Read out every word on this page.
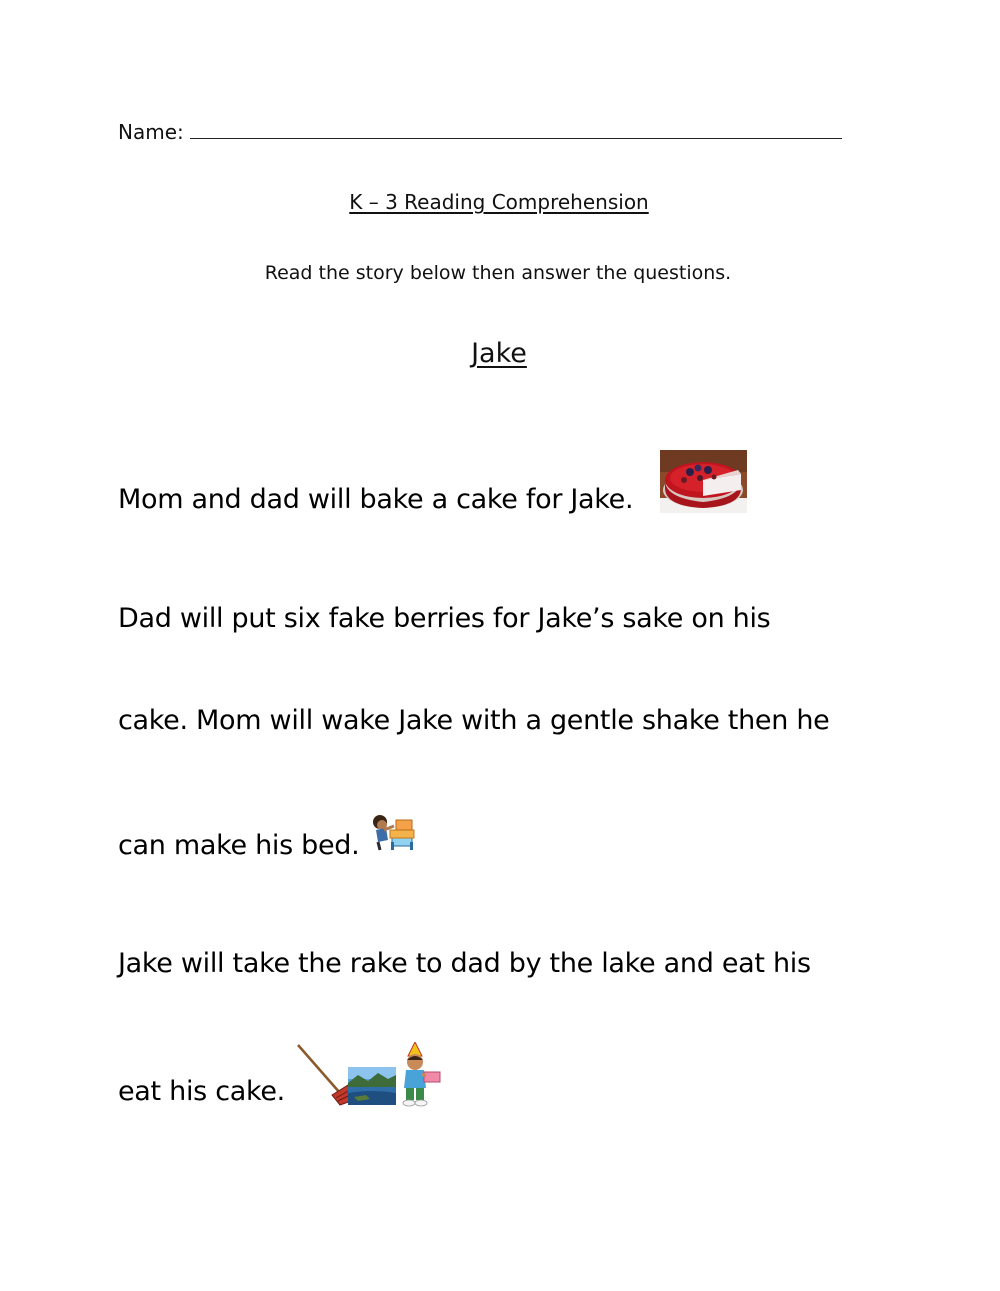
Name:
K – 3 Reading Comprehension
Read the story below then answer the questions.
Jake
Mom and dad will bake a cake for Jake.
Dad will put six fake berries for Jake’s sake on his
cake. Mom will wake Jake with a gentle shake then he
can make his bed.
Jake will take the rake to dad by the lake and eat his
eat his cake.
